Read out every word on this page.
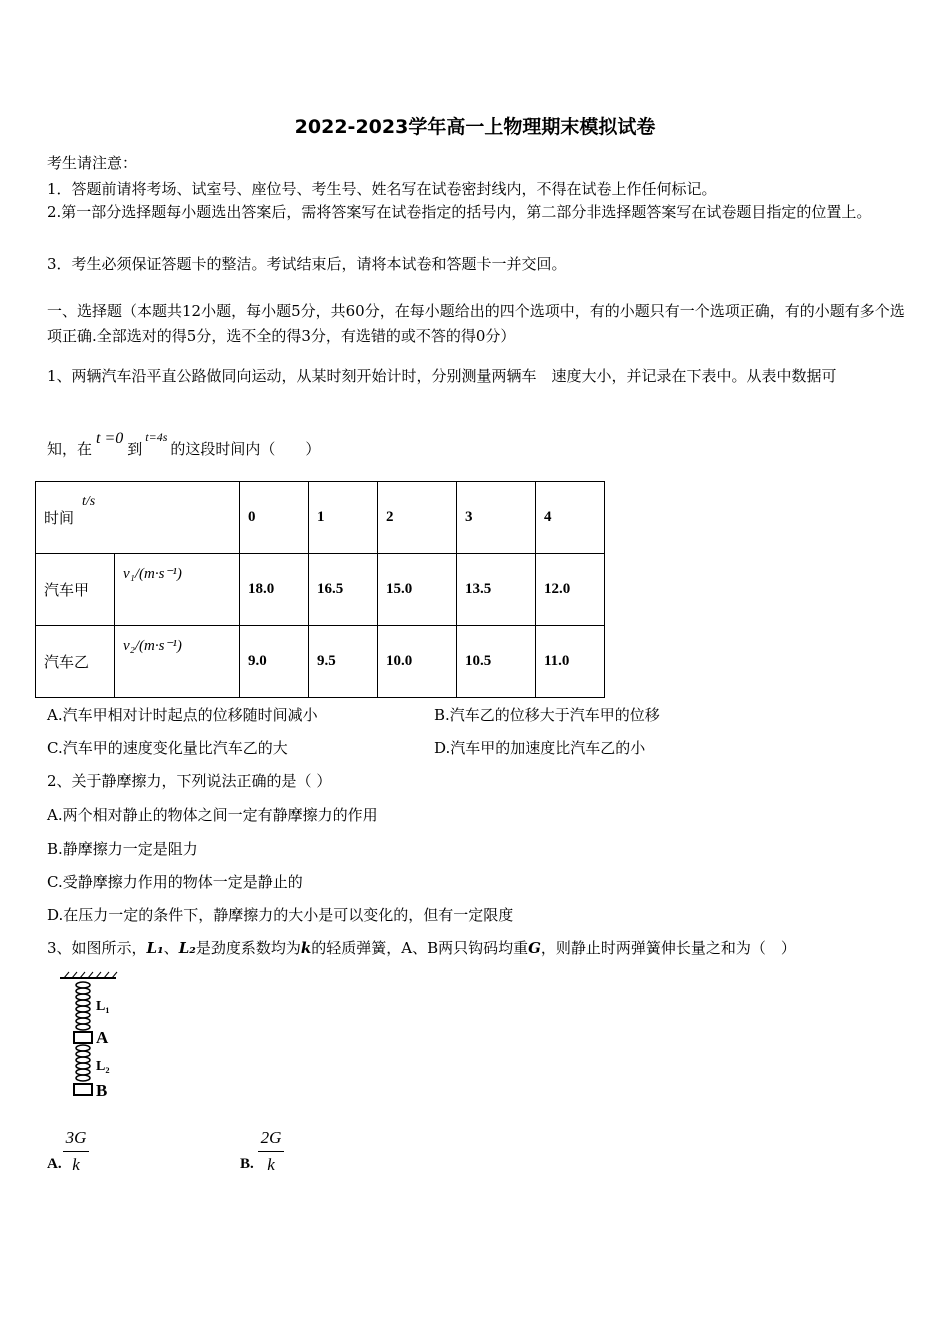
2022-2023学年高一上物理期末模拟试卷
考生请注意：
1．答题前请将考场、试室号、座位号、考生号、姓名写在试卷密封线内，不得在试卷上作任何标记。
2.第一部分选择题每小题选出答案后，需将答案写在试卷指定的括号内，第二部分非选择题答案写在试卷题目指定的位置上。
3．考生必须保证答题卡的整洁。考试结束后，请将本试卷和答题卡一并交回。
一、选择题（本题共12小题，每小题5分，共60分，在每小题给出的四个选项中，有的小题只有一个选项正确，有的小题有多个选项正确.全部选对的得5分，选不全的得3分，有选错的或不答的得0分）
1、两辆汽车沿平直公路做同向运动，从某时刻开始计时，分别测量两辆车　速度大小，并记录在下表中。从表中数据可
知，在t =0到$^{t=4s}$的这段时间内（　　）
时间
t/s		0	1	2	3	4
汽车甲	v₁/(m·s⁻¹)	18.0	16.5	15.0	13.5	12.0
汽车乙	v₂/(m·s⁻¹)	9.0	9.5	10.0	10.5	11.0
A.汽车甲相对计时起点的位移随时间减小	B.汽车乙的位移大于汽车甲的位移
C.汽车甲的速度变化量比汽车乙的大	D.汽车甲的加速度比汽车乙的小
2、关于静摩擦力，下列说法正确的是（ ）
A.两个相对静止的物体之间一定有静摩擦力的作用
B.静摩擦力一定是阻力
C.受静摩擦力作用的物体一定是静止的
D.在压力一定的条件下，静摩擦力的大小是可以变化的，但有一定限度
3、如图所示，L₁、L₂是劲度系数均为k的轻质弹簧，A、B两只钩码均重G，则静止时两弹簧伸长量之和为（　）
L₁
A
L₂
B
A.
3G
k	B.
2G
k
